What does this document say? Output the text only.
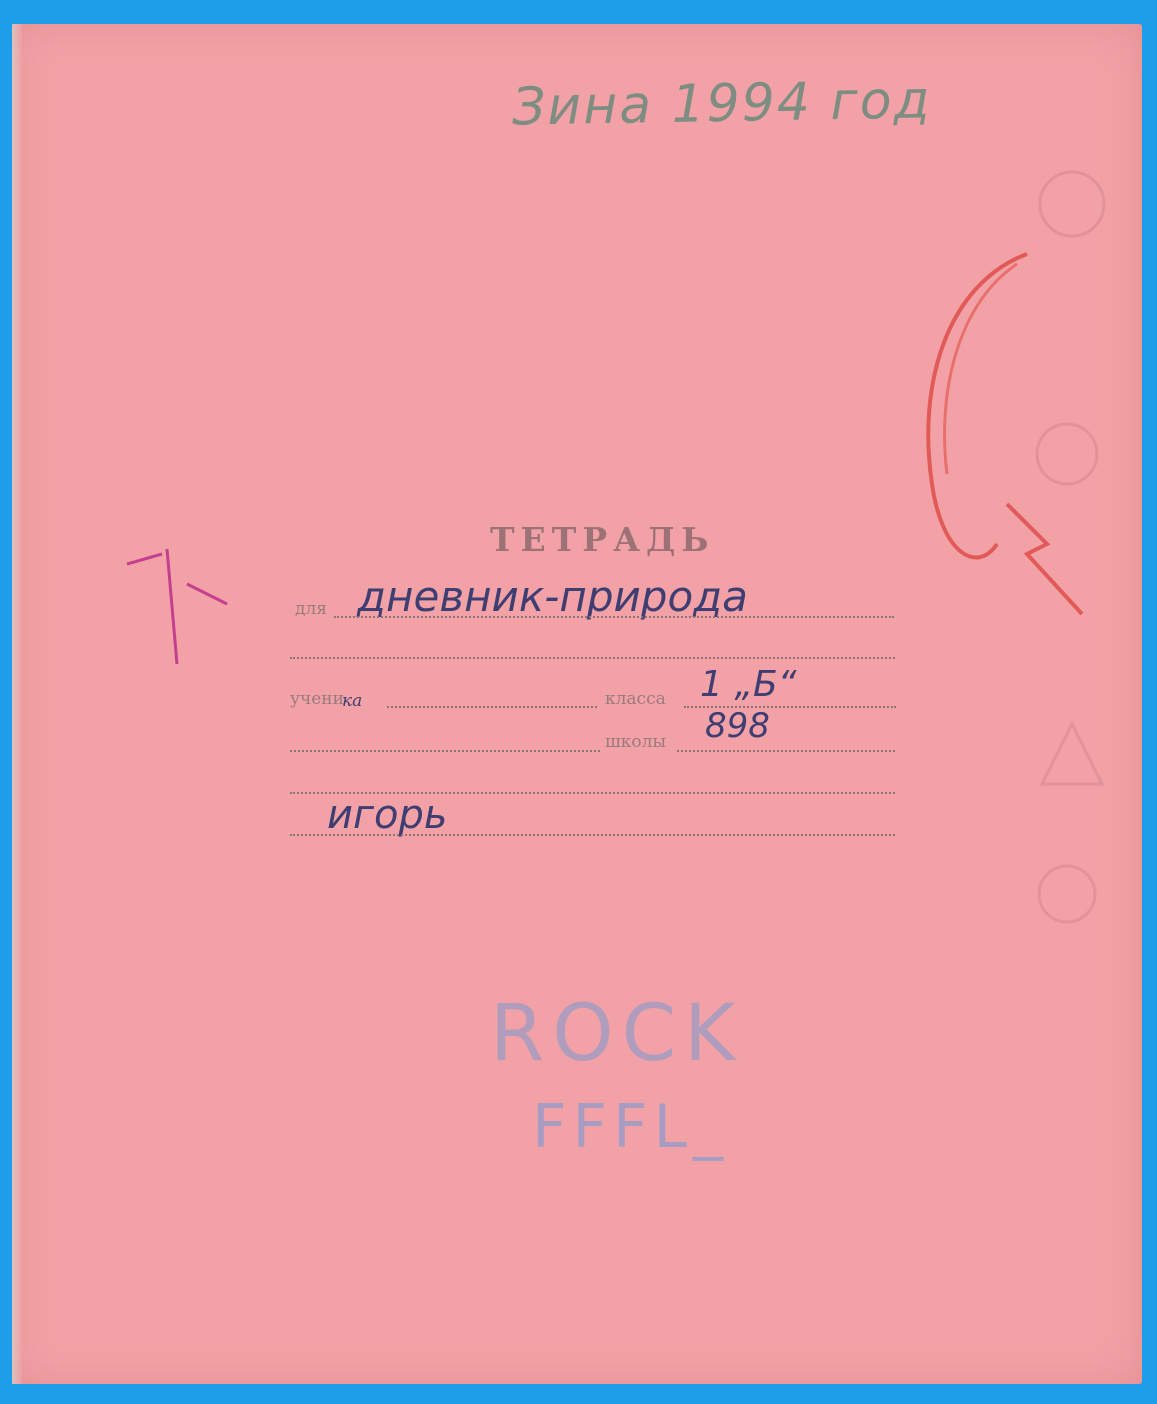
Зина 1994 год
ТЕТРАДЬ
для дневник-природа
учени
ка	класса 1 „Б“
школы 898
игорь
ROCK
FFFL_
